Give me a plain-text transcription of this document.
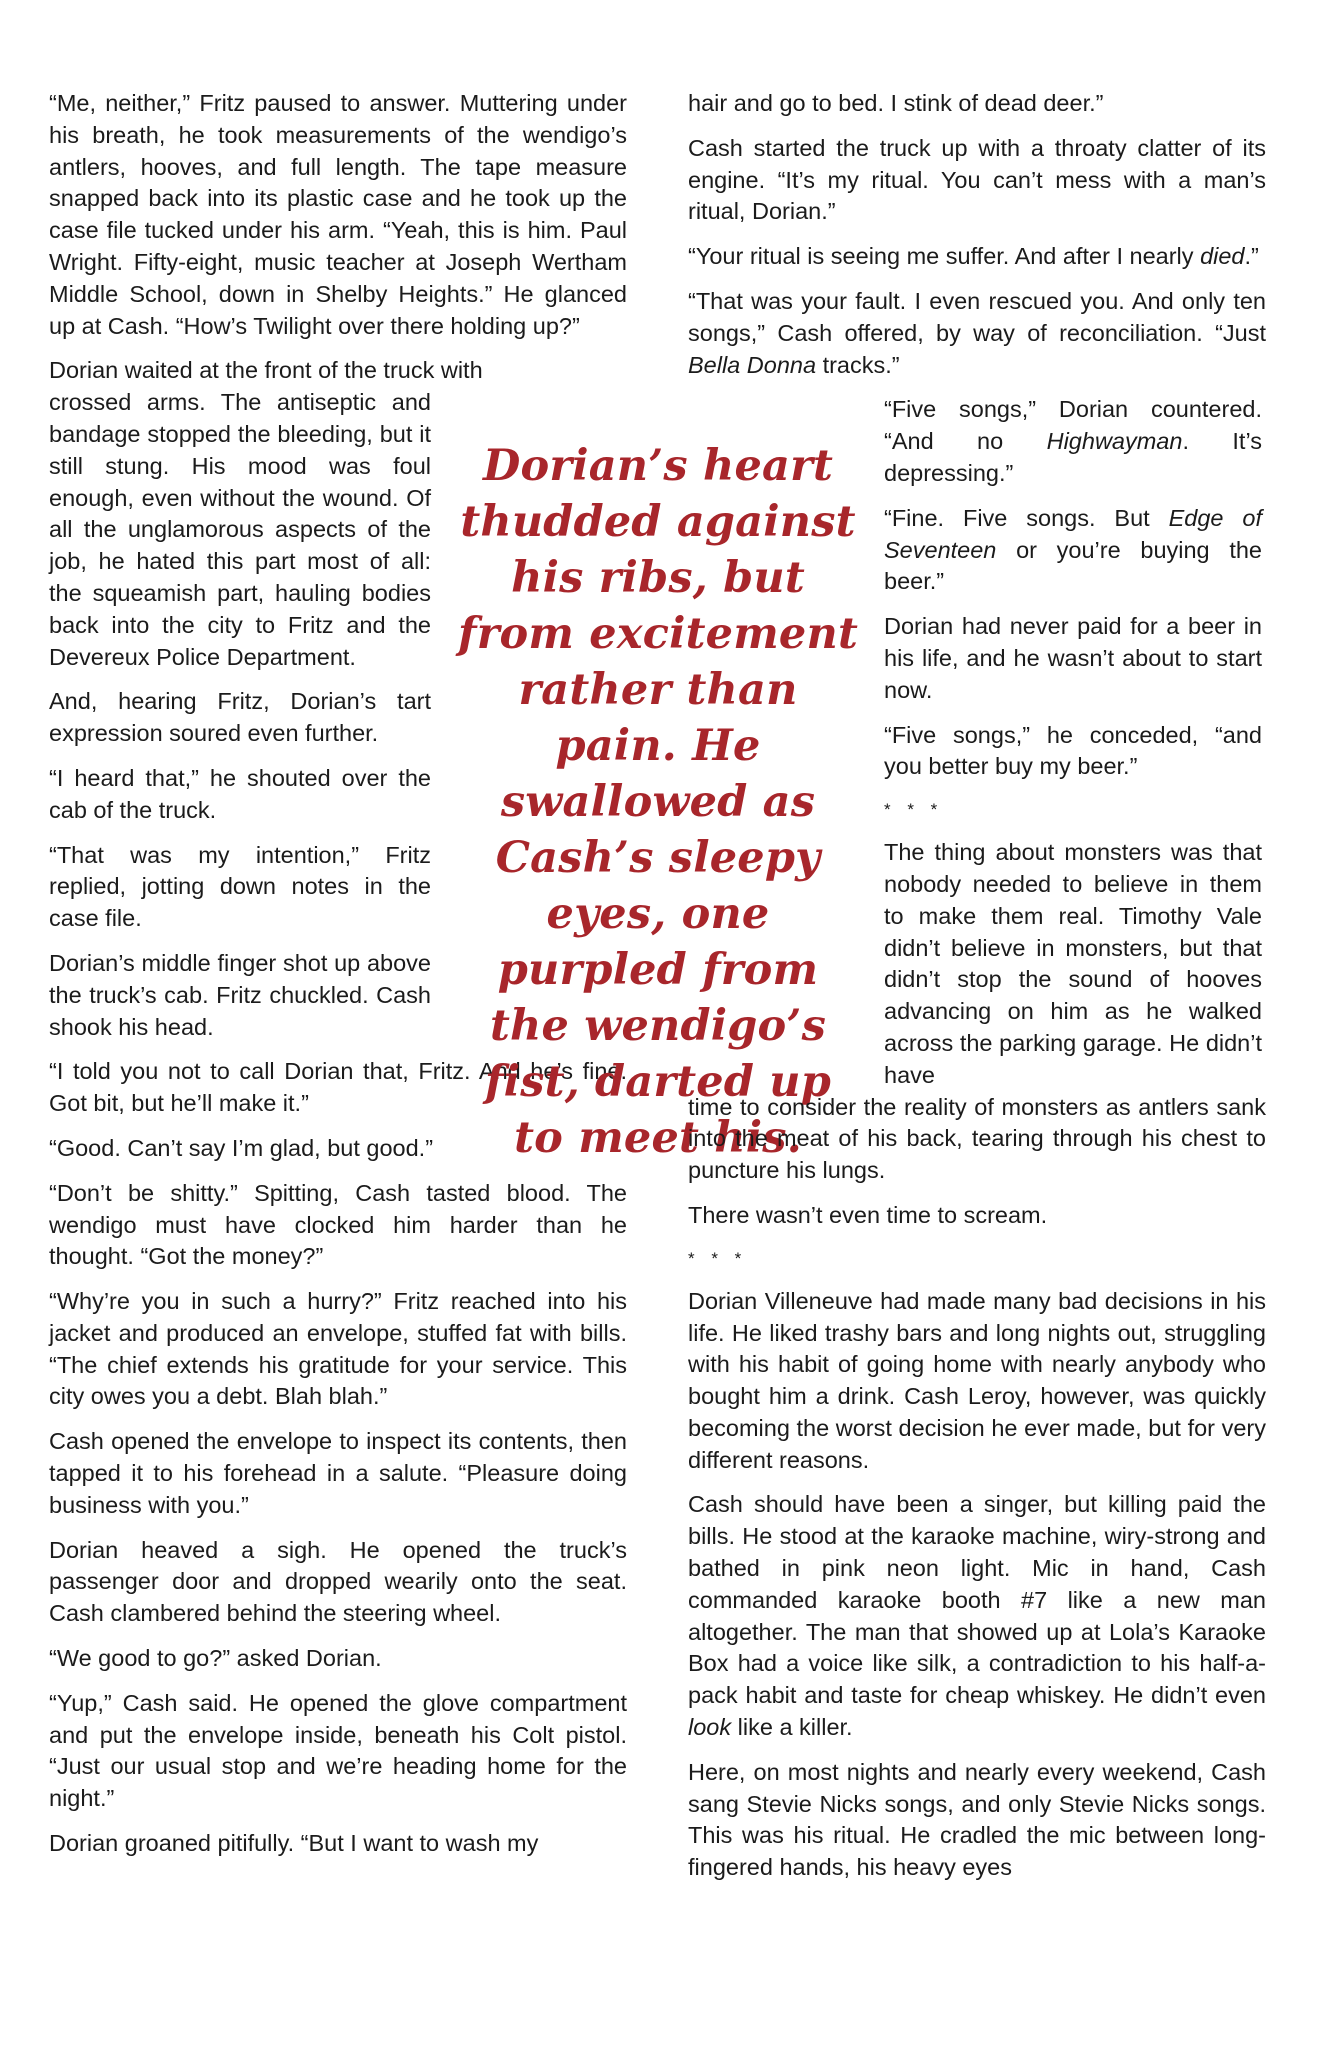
“Me, neither,” Fritz paused to answer. Muttering under his breath, he took measurements of the wendigo’s antlers, hooves, and full length. The tape measure snapped back into its plastic case and he took up the case file tucked under his arm. “Yeah, this is him. Paul Wright. Fifty-eight, music teacher at Joseph Wertham Middle School, down in Shelby Heights.” He glanced up at Cash. “How’s Twilight over there holding up?”

Dorian waited at the front of the truck with

crossed arms. The antiseptic and bandage stopped the bleeding, but it still stung. His mood was foul enough, even without the wound. Of all the unglamorous aspects of the job, he hated this part most of all: the squeamish part, hauling bodies back into the city to Fritz and the Devereux Police Department.

And, hearing Fritz, Dorian’s tart expression soured even further.

“I heard that,” he shouted over the cab of the truck.

“That was my intention,” Fritz replied, jotting down notes in the case file.

Dorian’s middle finger shot up above the truck’s cab. Fritz chuckled. Cash shook his head.

“I told you not to call Dorian that, Fritz. And he’s fine. Got bit, but he’ll make it.”

“Good. Can’t say I’m glad, but good.”

“Don’t be shitty.” Spitting, Cash tasted blood. The wendigo must have clocked him harder than he thought. “Got the money?”

“Why’re you in such a hurry?” Fritz reached into his jacket and produced an envelope, stuffed fat with bills. “The chief extends his gratitude for your service. This city owes you a debt. Blah blah.”

Cash opened the envelope to inspect its contents, then tapped it to his forehead in a salute. “Pleasure doing business with you.”

Dorian heaved a sigh. He opened the truck’s passenger door and dropped wearily onto the seat. Cash clambered behind the steering wheel.

“We good to go?” asked Dorian.

“Yup,” Cash said. He opened the glove compartment and put the envelope inside, beneath his Colt pistol. “Just our usual stop and we’re heading home for the night.”

Dorian groaned pitifully. “But I want to wash my

Dorian’s heart thudded against his ribs, but from excitement rather than pain. He swallowed as Cash’s sleepy eyes, one purpled from the wendigo’s fist, darted up to meet his.

hair and go to bed. I stink of dead deer.”

Cash started the truck up with a throaty clatter of its engine. “It’s my ritual. You can’t mess with a man’s ritual, Dorian.”

“Your ritual is seeing me suffer. And after I nearly died.”

“That was your fault. I even rescued you. And only ten songs,” Cash offered, by way of reconciliation. “Just Bella Donna tracks.”

“Five songs,” Dorian countered. “And no Highwayman. It’s depressing.”

“Fine. Five songs. But Edge of Seventeen or you’re buying the beer.”

Dorian had never paid for a beer in his life, and he wasn’t about to start now.

“Five songs,” he conceded, “and you better buy my beer.”

* * *

The thing about monsters was that nobody needed to believe in them to make them real. Timothy Vale didn’t believe in monsters, but that didn’t stop the sound of hooves advancing on him as he walked across the parking garage. He didn’t have

time to consider the reality of monsters as antlers sank into the meat of his back, tearing through his chest to puncture his lungs.

There wasn’t even time to scream.

* * *

Dorian Villeneuve had made many bad decisions in his life. He liked trashy bars and long nights out, struggling with his habit of going home with nearly anybody who bought him a drink. Cash Leroy, however, was quickly becoming the worst decision he ever made, but for very different reasons.

Cash should have been a singer, but killing paid the bills. He stood at the karaoke machine, wiry-strong and bathed in pink neon light. Mic in hand, Cash commanded karaoke booth #7 like a new man altogether. The man that showed up at Lola’s Karaoke Box had a voice like silk, a contradiction to his half-a-pack habit and taste for cheap whiskey. He didn’t even look like a killer.

Here, on most nights and nearly every weekend, Cash sang Stevie Nicks songs, and only Stevie Nicks songs. This was his ritual. He cradled the mic between long-fingered hands, his heavy eyes
